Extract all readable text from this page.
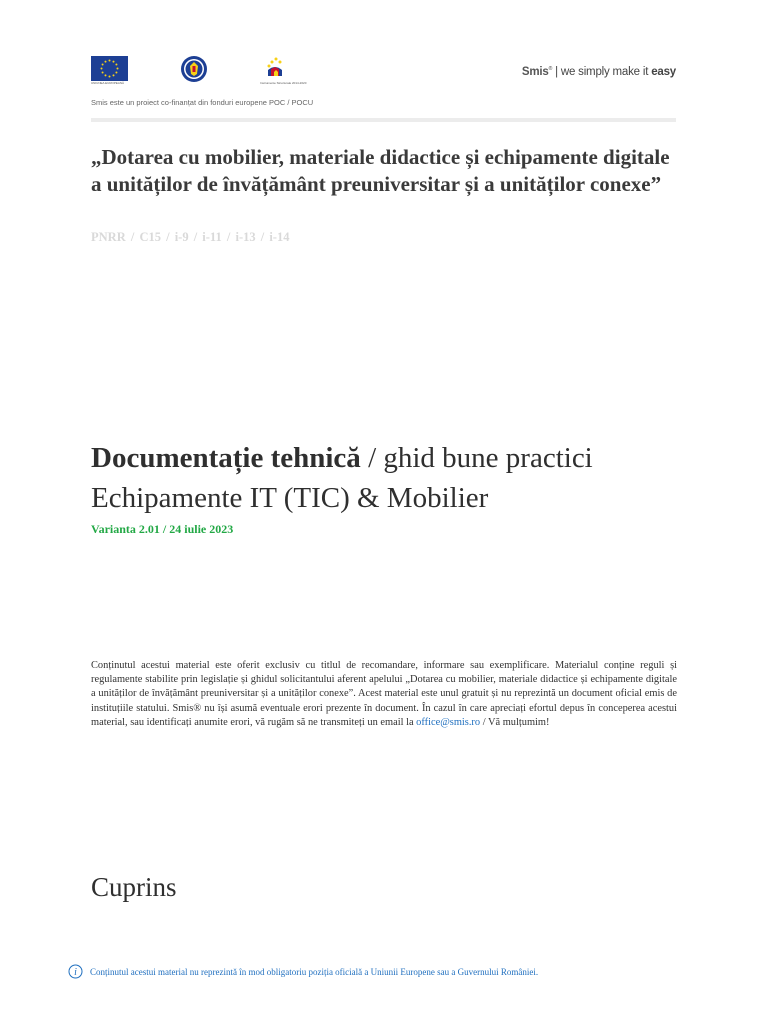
UNIUNEA EUROPEANĂ	Instrumente Structurale 2014-2020
Smis® | we simply make it easy
Smis este un proiect co-finanțat din fonduri europene POC / POCU
„Dotarea cu mobilier, materiale didactice și echipamente digitale a unităților de învățământ preuniversitar și a unităților conexe”
PNRR / C15 / i-9 / i-11 / i-13 / i-14
Documentație tehnică / ghid bune practici
Echipamente IT (TIC) & Mobilier
Varianta 2.01 / 24 iulie 2023

Conținutul acestui material este oferit exclusiv cu titlul de recomandare, informare sau exemplificare. Materialul conține reguli și regulamente stabilite prin legislație și ghidul solicitantului aferent apelului „Dotarea cu mobilier, materiale didactice și echipamente digitale a unităților de învățământ preuniversitar și a unităților conexe”. Acest material este unul gratuit și nu reprezintă un document oficial emis de instituțiile statului. Smis® nu își asumă eventuale erori prezente în document. În cazul în care apreciați efortul depus în conceperea acestui material, sau identificați anumite erori, vă rugăm să ne transmiteți un email la office@smis.ro / Vă mulțumim!

Cuprins
i Conținutul acestui material nu reprezintă în mod obligatoriu poziția oficială a Uniunii Europene sau a Guvernului României.
